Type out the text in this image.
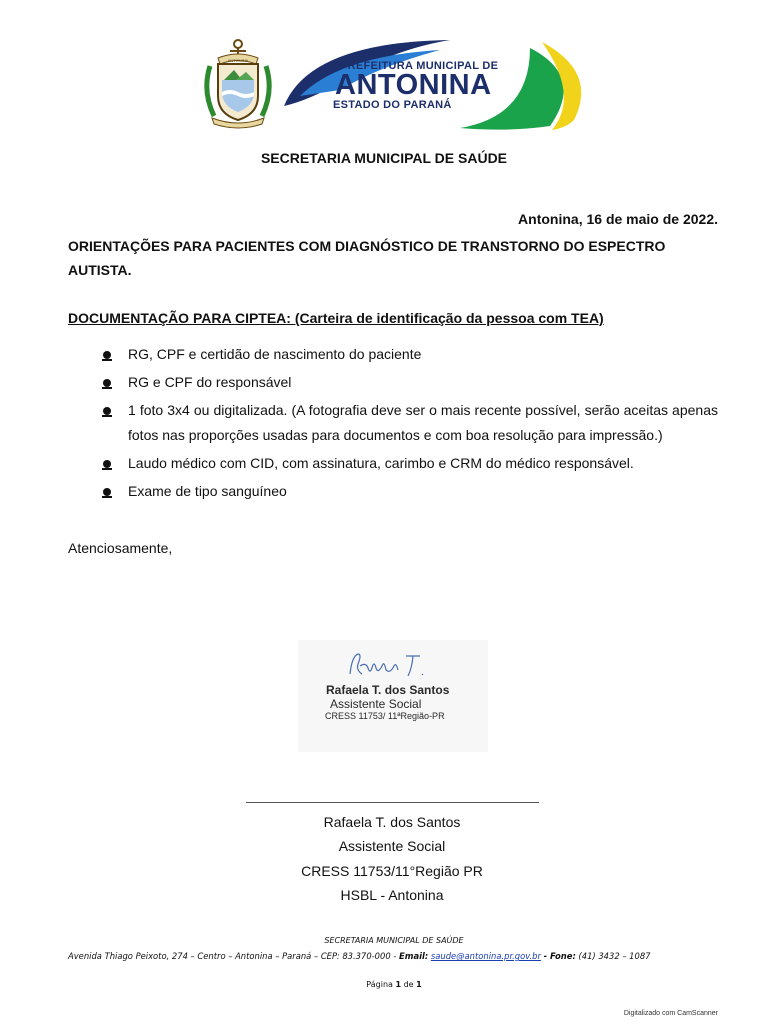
ANTONINA	PREFEITURA MUNICIPAL DE
ANTONINA
ESTADO DO PARANÁ
SECRETARIA MUNICIPAL DE SAÚDE
Antonina, 16 de maio de 2022.
ORIENTAÇÕES PARA PACIENTES COM DIAGNÓSTICO DE TRANSTORNO DO ESPECTRO AUTISTA.
DOCUMENTAÇÃO PARA CIPTEA: (Carteira de identificação da pessoa com TEA)
RG, CPF e certidão de nascimento do paciente
RG e CPF do responsável
1 foto 3x4 ou digitalizada. (A fotografia deve ser o mais recente possível, serão aceitas apenas fotos nas proporções usadas para documentos e com boa resolução para impressão.)
Laudo médico com CID, com assinatura, carimbo e CRM do médico responsável.
Exame de tipo sanguíneo
Atenciosamente,
Rafaela T. dos Santos
Assistente Social
CRESS 11753/ 11ªRegião-PR
Rafaela T. dos Santos
Assistente Social
CRESS 11753/11°Região PR
HSBL - Antonina
SECRETARIA MUNICIPAL DE SAÚDE
Avenida Thiago Peixoto, 274 – Centro – Antonina – Paraná – CEP: 83.370-000 - Email: saude@antonina.pr.gov.br - Fone: (41) 3432 – 1087
Página 1 de 1
Digitalizado com CamScanner
